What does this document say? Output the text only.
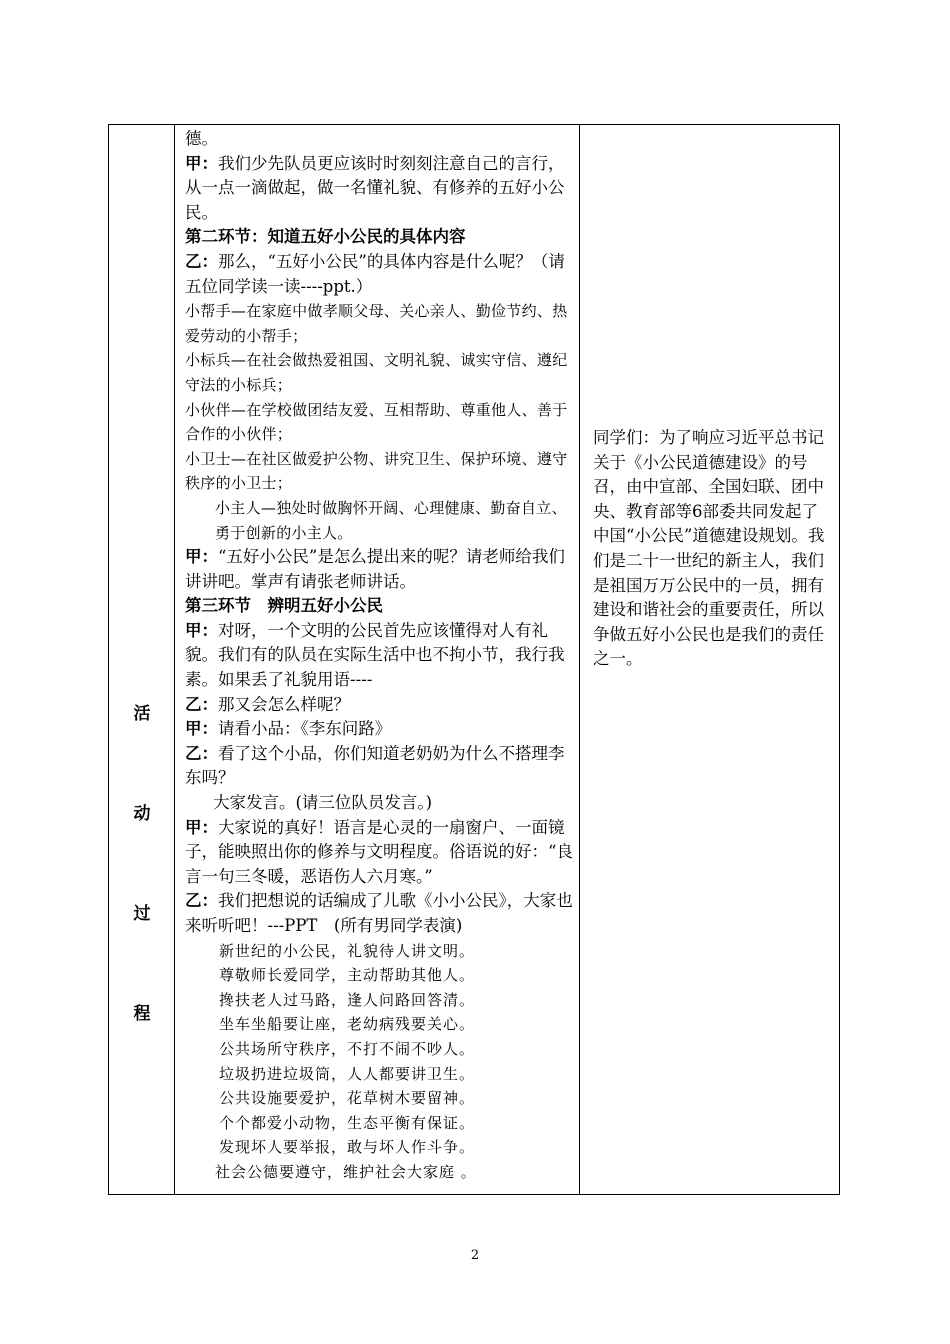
活
动
过
程

德。

甲：我们少先队员更应该时时刻刻注意自己的言行，从一点一滴做起，做一名懂礼貌、有修养的五好小公民。

第二环节：知道五好小公民的具体内容

乙：那么，“五好小公民”的具体内容是什么呢？（请五位同学读一读----ppt.）

小帮手—在家庭中做孝顺父母、关心亲人、勤俭节约、热爱劳动的小帮手；

小标兵—在社会做热爱祖国、文明礼貌、诚实守信、遵纪守法的小标兵；

小伙伴—在学校做团结友爱、互相帮助、尊重他人、善于合作的小伙伴；

小卫士—在社区做爱护公物、讲究卫生、保护环境、遵守秩序的小卫士；

小主人—独处时做胸怀开阔、心理健康、勤奋自立、勇于创新的小主人。

甲：“五好小公民”是怎么提出来的呢？请老师给我们讲讲吧。掌声有请张老师讲话。

第三环节　辨明五好小公民

甲：对呀，一个文明的公民首先应该懂得对人有礼貌。我们有的队员在实际生活中也不拘小节，我行我素。如果丢了礼貌用语----

乙：那又会怎么样呢？

甲：请看小品：《李东问路》

乙：看了这个小品，你们知道老奶奶为什么不搭理李东吗？

大家发言。(请三位队员发言。)

甲：大家说的真好！语言是心灵的一扇窗户、一面镜子，能映照出你的修养与文明程度。俗语说的好：“良言一句三冬暖，恶语伤人六月寒。”

乙：我们把想说的话编成了儿歌《小小公民》，大家也来听听吧！---PPT　(所有男同学表演)

新世纪的小公民，礼貌待人讲文明。

尊敬师长爱同学，主动帮助其他人。

搀扶老人过马路，逢人问路回答清。

坐车坐船要让座，老幼病残要关心。

公共场所守秩序，不打不闹不吵人。

垃圾扔进垃圾筒，人人都要讲卫生。

公共设施要爱护，花草树木要留神。

个个都爱小动物，生态平衡有保证。

发现坏人要举报，敢与坏人作斗争。

社会公德要遵守，维护社会大家庭 。

同学们：为了响应习近平总书记关于《小公民道德建设》的号召，由中宣部、全国妇联、团中央、教育部等6部委共同发起了中国“小公民”道德建设规划。我们是二十一世纪的新主人，我们是祖国万万公民中的一员，拥有建设和谐社会的重要责任，所以争做五好小公民也是我们的责任之一。

2
